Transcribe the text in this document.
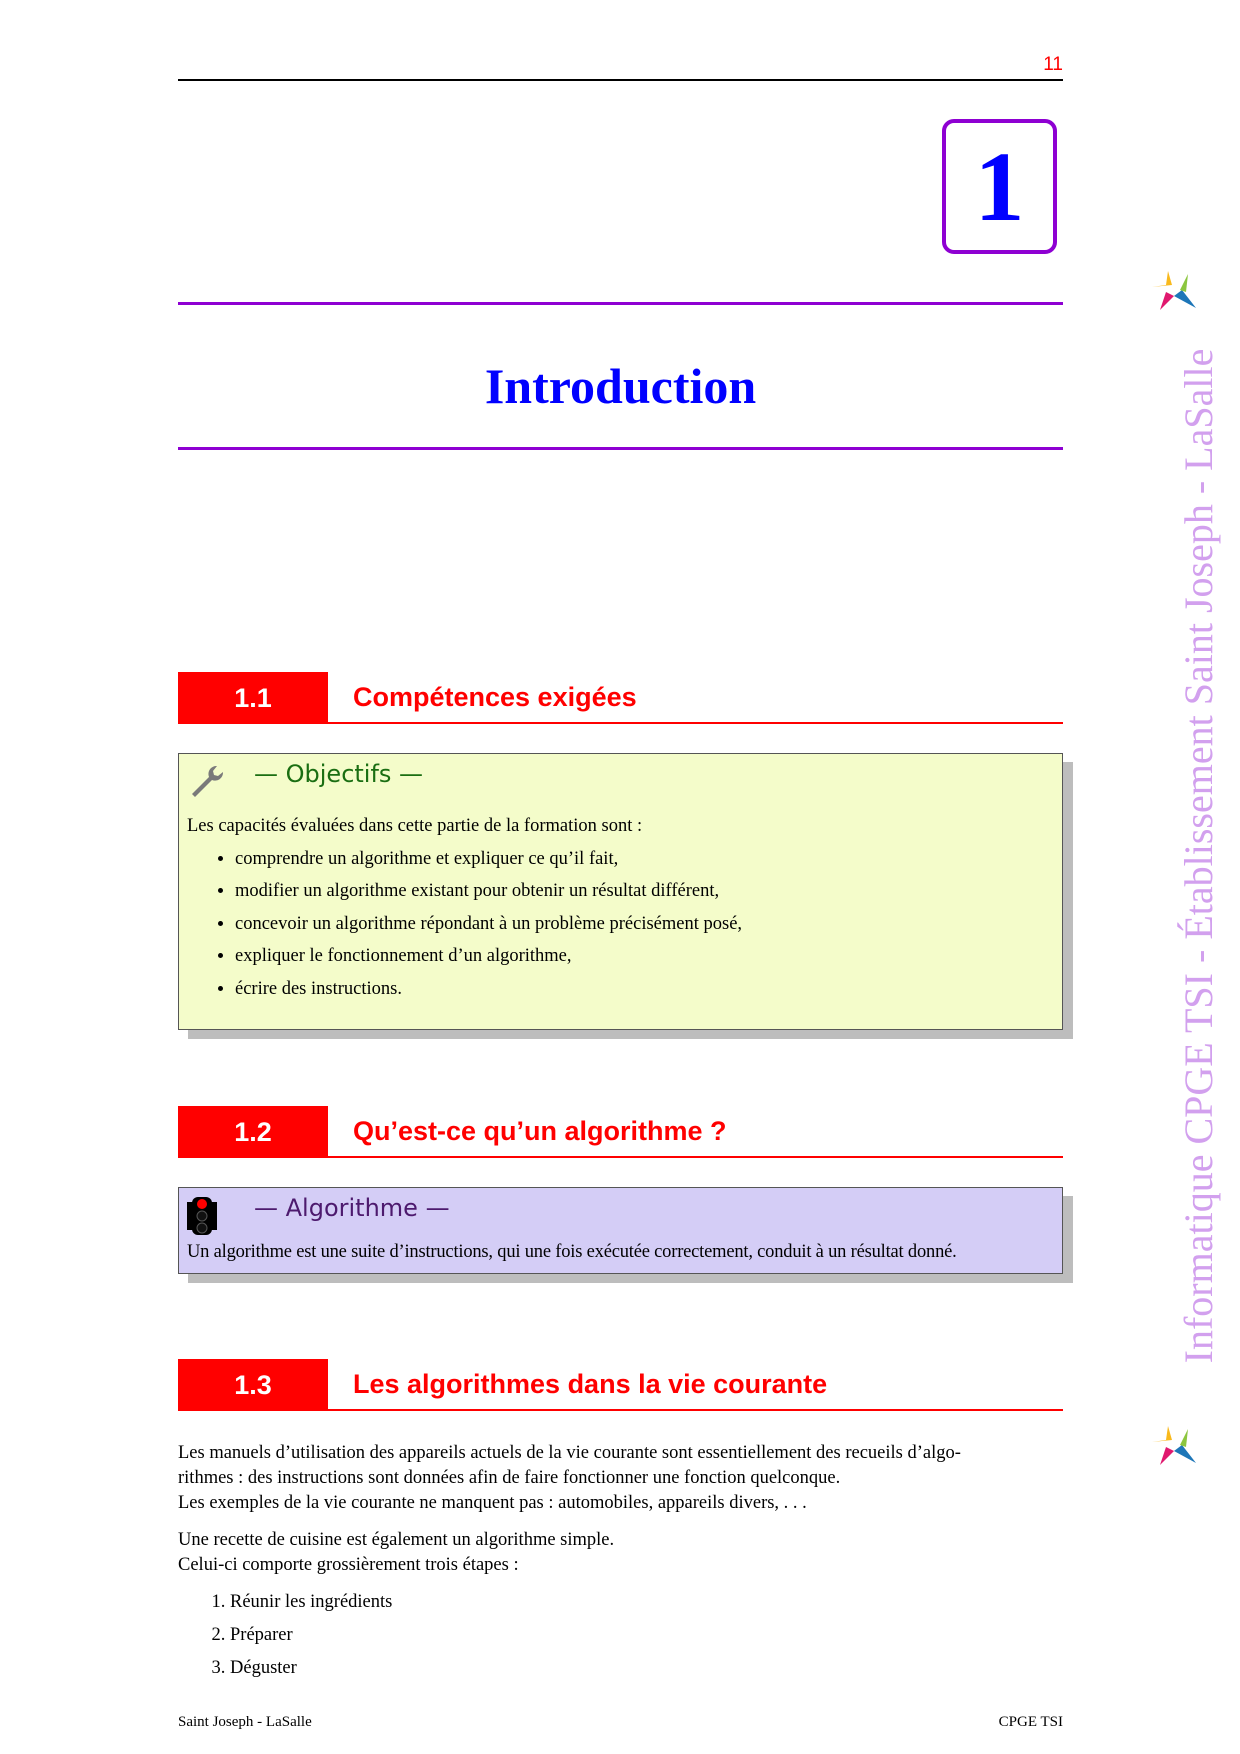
11
1
Introduction
1.1	Compétences exigées
— Objectifs —
Les capacités évaluées dans cette partie de la formation sont :
• comprendre un algorithme et expliquer ce qu’il fait,
• modifier un algorithme existant pour obtenir un résultat différent,
• concevoir un algorithme répondant à un problème précisément posé,
• expliquer le fonctionnement d’un algorithme,
• écrire des instructions.
1.2	Qu’est-ce qu’un algorithme ?
— Algorithme —
Un algorithme est une suite d’instructions, qui une fois exécutée correctement, conduit à un résultat donné.
1.3	Les algorithmes dans la vie courante
Les manuels d’utilisation des appareils actuels de la vie courante sont essentiellement des recueils d’algo-
rithmes : des instructions sont données afin de faire fonctionner une fonction quelconque.
Les exemples de la vie courante ne manquent pas : automobiles, appareils divers, . . .
Une recette de cuisine est également un algorithme simple.
Celui-ci comporte grossièrement trois étapes :
1. Réunir les ingrédients
2. Préparer
3. Déguster
Informatique CPGE TSI - Établissement Saint Joseph - LaSalle
Saint Joseph - LaSalle	CPGE TSI
